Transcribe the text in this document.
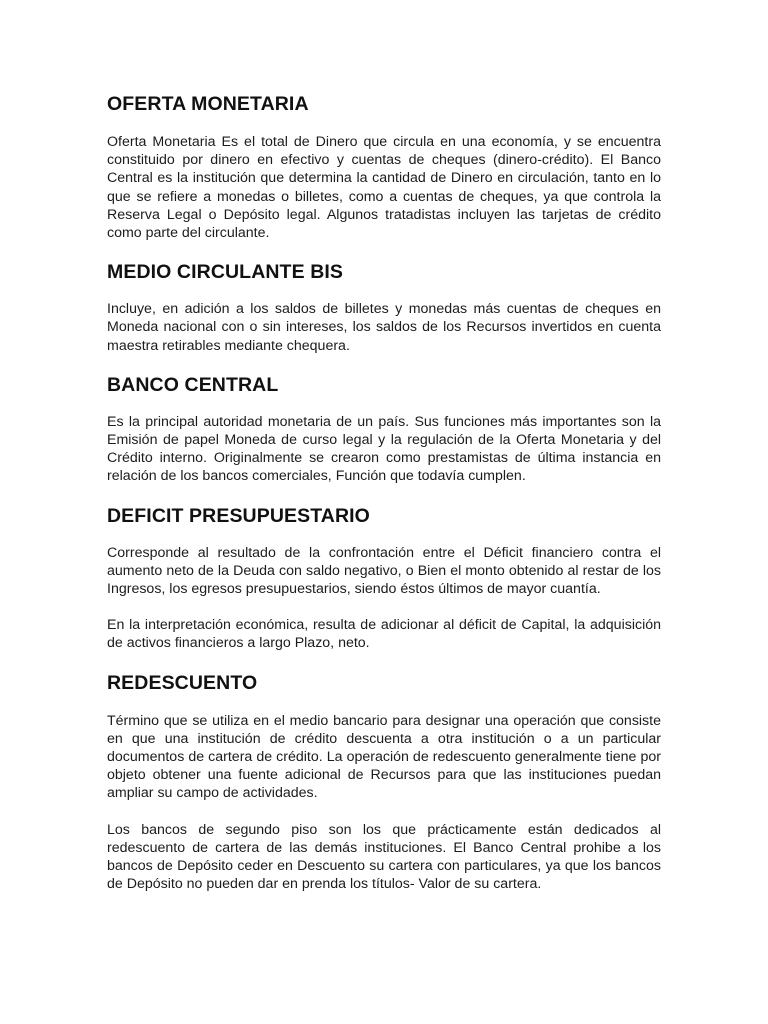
OFERTA MONETARIA

Oferta Monetaria Es el total de Dinero que circula en una economía, y se encuentra constituido por dinero en efectivo y cuentas de cheques (dinero-crédito). El Banco Central es la institución que determina la cantidad de Dinero en circulación, tanto en lo que se refiere a monedas o billetes, como a cuentas de cheques, ya que controla la Reserva Legal o Depósito legal. Algunos tratadistas incluyen las tarjetas de crédito como parte del circulante.

MEDIO CIRCULANTE BIS

Incluye, en adición a los saldos de billetes y monedas más cuentas de cheques en Moneda nacional con o sin intereses, los saldos de los Recursos invertidos en cuenta maestra retirables mediante chequera.

BANCO CENTRAL

Es la principal autoridad monetaria de un país. Sus funciones más importantes son la Emisión de papel Moneda de curso legal y la regulación de la Oferta Monetaria y del Crédito interno. Originalmente se crearon como prestamistas de última instancia en relación de los bancos comerciales, Función que todavía cumplen.

DEFICIT PRESUPUESTARIO

Corresponde al resultado de la confrontación entre el Déficit financiero contra el aumento neto de la Deuda con saldo negativo, o Bien el monto obtenido al restar de los Ingresos, los egresos presupuestarios, siendo éstos últimos de mayor cuantía.

En la interpretación económica, resulta de adicionar al déficit de Capital, la adquisición de activos financieros a largo Plazo, neto.

REDESCUENTO

Término que se utiliza en el medio bancario para designar una operación que consiste en que una institución de crédito descuenta a otra institución o a un particular documentos de cartera de crédito. La operación de redescuento generalmente tiene por objeto obtener una fuente adicional de Recursos para que las instituciones puedan ampliar su campo de actividades.

Los bancos de segundo piso son los que prácticamente están dedicados al redescuento de cartera de las demás instituciones. El Banco Central prohibe a los bancos de Depósito ceder en Descuento su cartera con particulares, ya que los bancos de Depósito no pueden dar en prenda los títulos- Valor de su cartera.
